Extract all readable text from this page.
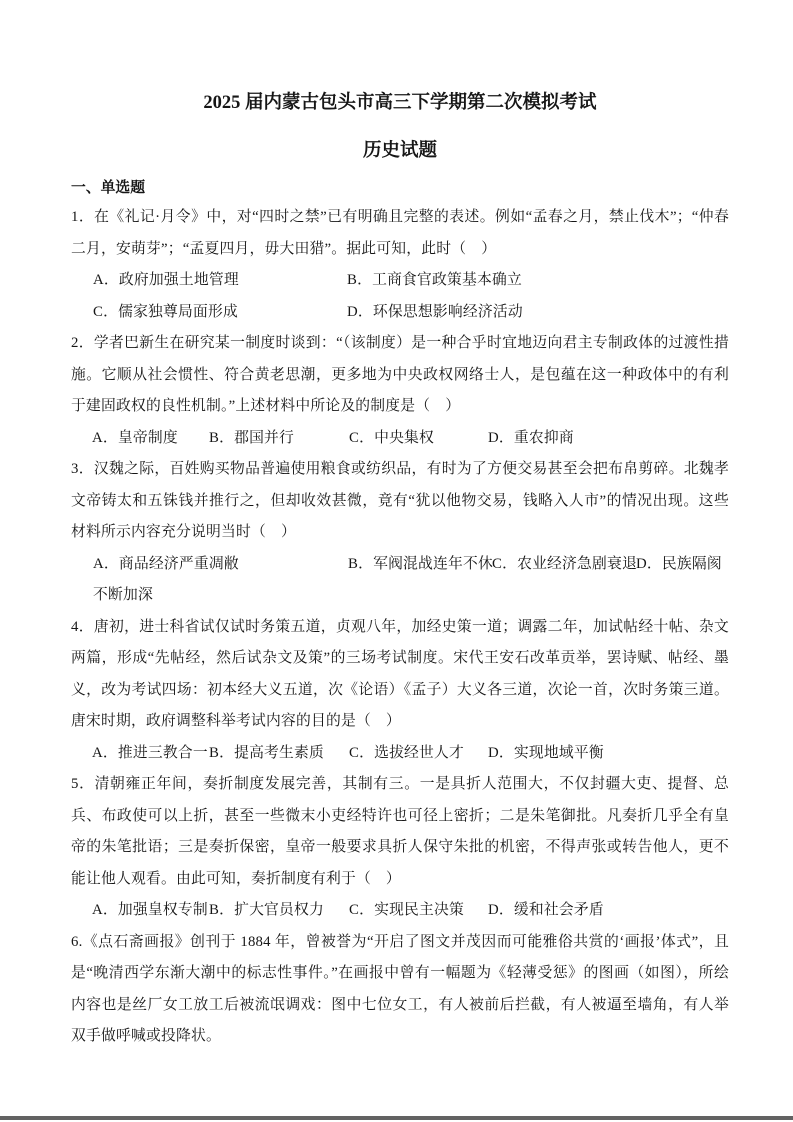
2025 届内蒙古包头市高三下学期第二次模拟考试
历史试题
一、单选题

1．在《礼记·月令》中，对“四时之禁”已有明确且完整的表述。例如“孟春之月，禁止伐木”；“仲春二月，安萌芽”；“孟夏四月，毋大田猎”。据此可知，此时（　）

A．政府加强土地管理	B．工商食官政策基本确立
C．儒家独尊局面形成	D．环保思想影响经济活动

2．学者巴新生在研究某一制度时谈到：“（该制度）是一种合乎时宜地迈向君主专制政体的过渡性措施。它顺从社会惯性、符合黄老思潮，更多地为中央政权网络士人，是包蕴在这一种政体中的有利于建固政权的良性机制。”上述材料中所论及的制度是（　）

A．皇帝制度 B．郡国并行	C．中央集权	D．重农抑商

3．汉魏之际，百姓购买物品普遍使用粮食或纺织品，有时为了方便交易甚至会把布帛剪碎。北魏孝文帝铸太和五铢钱并推行之，但却收效甚微，竟有“犹以他物交易，钱略入人市”的情况出现。这些材料所示内容充分说明当时（　）

A．商品经济严重凋敝	B．军阀混战连年不休C．农业经济急剧衰退D．民族隔阂不断加深

4．唐初，进士科省试仅试时务策五道，贞观八年，加经史策一道；调露二年，加试帖经十帖、杂文两篇，形成“先帖经，然后试杂文及策”的三场考试制度。宋代王安石改革贡举，罢诗赋、帖经、墨义，改为考试四场：初本经大义五道，次《论语）《孟子）大义各三道，次论一首，次时务策三道。唐宋时期，政府调整科举考试内容的目的是（　）

A．推进三教合一 B．提高考生素质 C．选拔经世人才 D．实现地域平衡

5．清朝雍正年间，奏折制度发展完善，其制有三。一是具折人范围大，不仅封疆大吏、提督、总兵、布政使可以上折，甚至一些微末小吏经特许也可径上密折；二是朱笔御批。凡奏折几乎全有皇帝的朱笔批语；三是奏折保密，皇帝一般要求具折人保守朱批的机密，不得声张或转告他人，更不能让他人观看。由此可知，奏折制度有利于（　）

A．加强皇权专制 B．扩大官员权力 C．实现民主决策 D．缓和社会矛盾

6.《点石斋画报》创刊于 1884 年，曾被誉为“开启了图文并茂因而可能雅俗共赏的‘画报’体式”，且是“晚清西学东渐大潮中的标志性事件。”在画报中曾有一幅题为《轻薄受惩》的图画（如图），所绘内容也是丝厂女工放工后被流氓调戏：图中七位女工，有人被前后拦截，有人被逼至墙角，有人举双手做呼喊或投降状。
